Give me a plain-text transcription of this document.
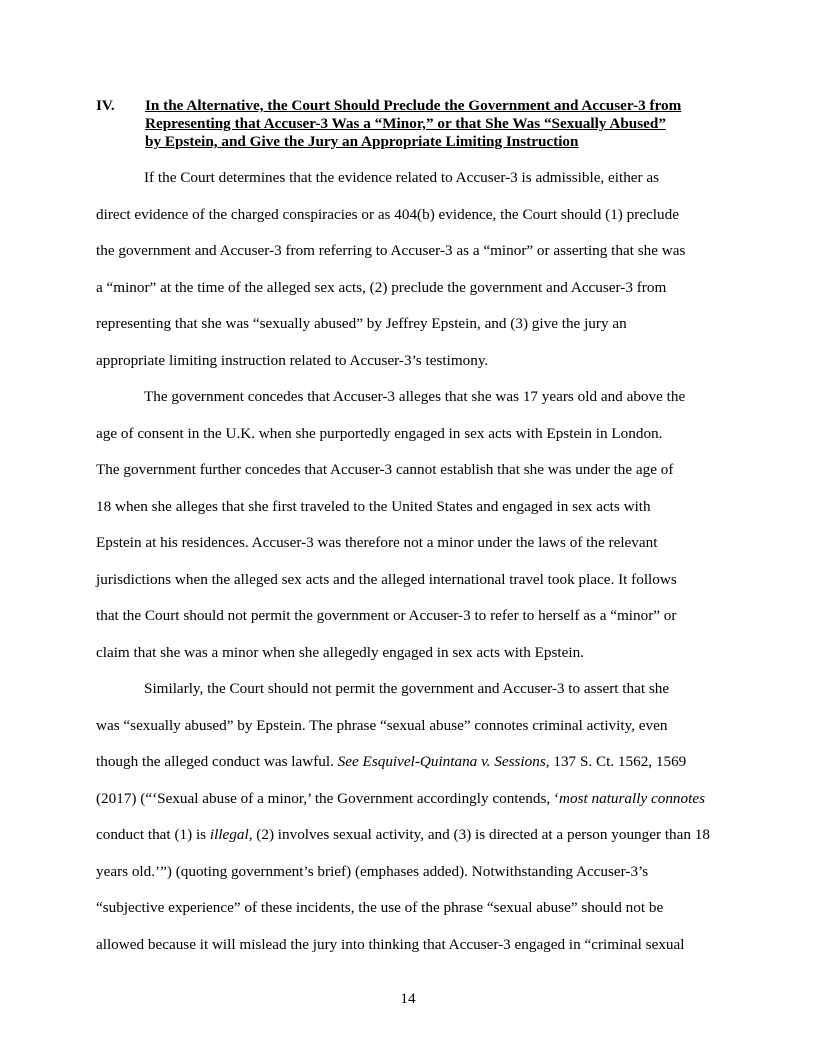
IV. In the Alternative, the Court Should Preclude the Government and Accuser-3 from
Representing that Accuser-3 Was a “Minor,” or that She Was “Sexually Abused”
by Epstein, and Give the Jury an Appropriate Limiting Instruction
If the Court determines that the evidence related to Accuser-3 is admissible, either as
direct evidence of the charged conspiracies or as 404(b) evidence, the Court should (1) preclude
the government and Accuser-3 from referring to Accuser-3 as a “minor” or asserting that she was
a “minor” at the time of the alleged sex acts, (2) preclude the government and Accuser-3 from
representing that she was “sexually abused” by Jeffrey Epstein, and (3) give the jury an
appropriate limiting instruction related to Accuser-3’s testimony.
The government concedes that Accuser-3 alleges that she was 17 years old and above the
age of consent in the U.K. when she purportedly engaged in sex acts with Epstein in London.
The government further concedes that Accuser-3 cannot establish that she was under the age of
18 when she alleges that she first traveled to the United States and engaged in sex acts with
Epstein at his residences. Accuser-3 was therefore not a minor under the laws of the relevant
jurisdictions when the alleged sex acts and the alleged international travel took place. It follows
that the Court should not permit the government or Accuser-3 to refer to herself as a “minor” or
claim that she was a minor when she allegedly engaged in sex acts with Epstein.
Similarly, the Court should not permit the government and Accuser-3 to assert that she
was “sexually abused” by Epstein. The phrase “sexual abuse” connotes criminal activity, even
though the alleged conduct was lawful. See Esquivel-Quintana v. Sessions, 137 S. Ct. 1562, 1569
(2017) (“‘Sexual abuse of a minor,’ the Government accordingly contends, ‘most naturally connotes
conduct that (1) is illegal, (2) involves sexual activity, and (3) is directed at a person younger than 18
years old.’”) (quoting government’s brief) (emphases added). Notwithstanding Accuser-3’s
“subjective experience” of these incidents, the use of the phrase “sexual abuse” should not be
allowed because it will mislead the jury into thinking that Accuser-3 engaged in “criminal sexual
14
